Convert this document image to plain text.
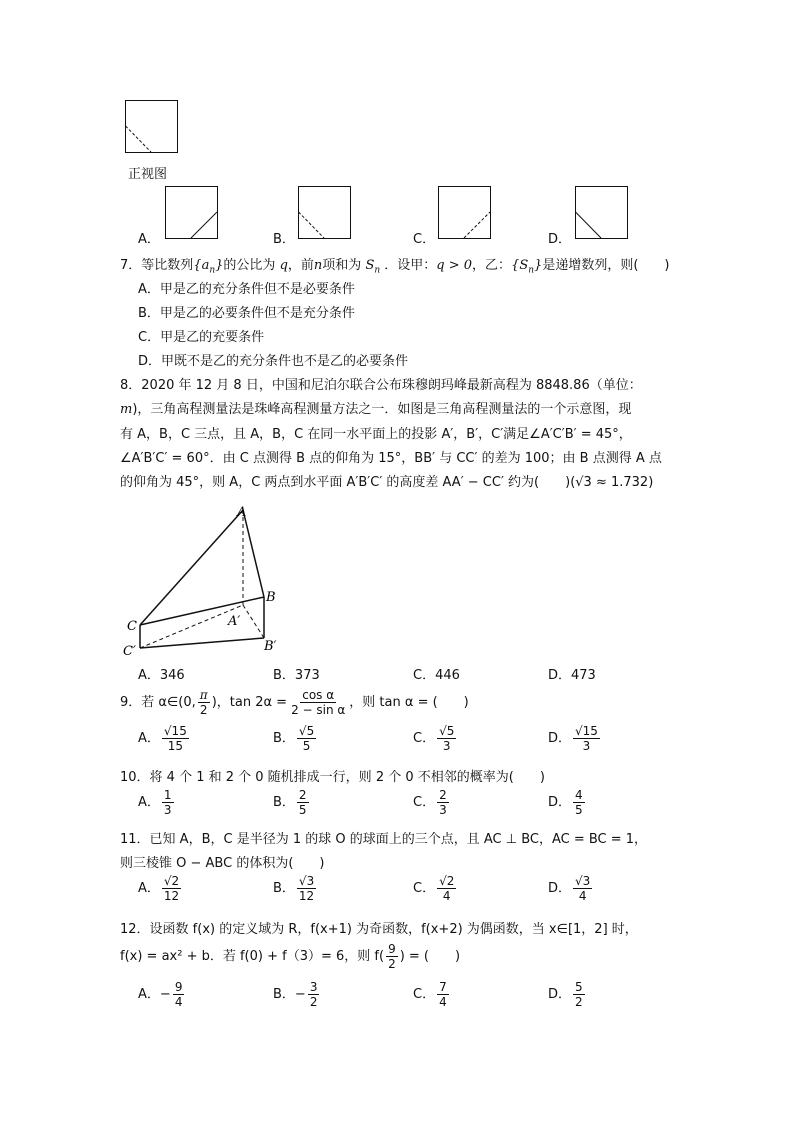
正视图
A．	B．	C．	D．
7．等比数列$\{a_n\}$的公比为 q，前n项和为 $S_n$ ．设甲：q > 0，乙：$\{S_n\}$是递增数列，则(　　)
A．甲是乙的充分条件但不是必要条件
B．甲是乙的必要条件但不是充分条件
C．甲是乙的充要条件
D．甲既不是乙的充分条件也不是乙的必要条件
8．2020 年 12 月 8 日，中国和尼泊尔联合公布珠穆朗玛峰最新高程为 8848.86（单位：
m)，三角高程测量法是珠峰高程测量方法之一．如图是三角高程测量法的一个示意图，现
有 A，B，C 三点，且 A，B，C 在同一水平面上的投影 A′，B′，C′满足∠A′C′B′ = 45°，
∠A′B′C′ = 60°．由 C 点测得 B 点的仰角为 15°，BB′ 与 CC′ 的差为 100；由 B 点测得 A 点
的仰角为 45°，则 A，C 两点到水平面 A′B′C′ 的高度差 AA′ − CC′ 约为(　　)(√3 ≈ 1.732)
A
B
C	A′
B′
C′
A．346	B．373	C．446	D．473
9．若 α∈(0, $\frac{\pi}{2}$ )，$\tan 2\alpha = \frac{\text{cos α}}{\text{2 − sin α}}$ ，则 tan α = (　　)
A． $\frac{√15}{15}$	B． $\frac{√5}{5}$	C． $\frac{√5}{3}$	D． $\frac{√15}{3}$
10．将 4 个 1 和 2 个 0 随机排成一行，则 2 个 0 不相邻的概率为(　　)
A． $\frac{1}{3}$	B． $\frac{2}{5}$	C． $\frac{2}{3}$	D． $\frac{4}{5}$
11．已知 A，B，C 是半径为 1 的球 O 的球面上的三个点，且 AC ⊥ BC，AC = BC = 1，
则三棱锥 O − ABC 的体积为(　　)
A． $\frac{√2}{12}$	B． $\frac{√3}{12}$	C． $\frac{√2}{4}$	D． $\frac{√3}{4}$
12．设函数 f(x) 的定义域为 R，f(x+1) 为奇函数，f(x+2) 为偶函数，当 x∈[1，2] 时，
f(x) = ax² + b．若 f(0) + f（3）= 6，则 $f( \frac{9}{2}$ ) = (　　)
A．− $\frac{9}{4}$	B．− $\frac{3}{2}$	C． $\frac{7}{4}$	D． $\frac{5}{2}$
